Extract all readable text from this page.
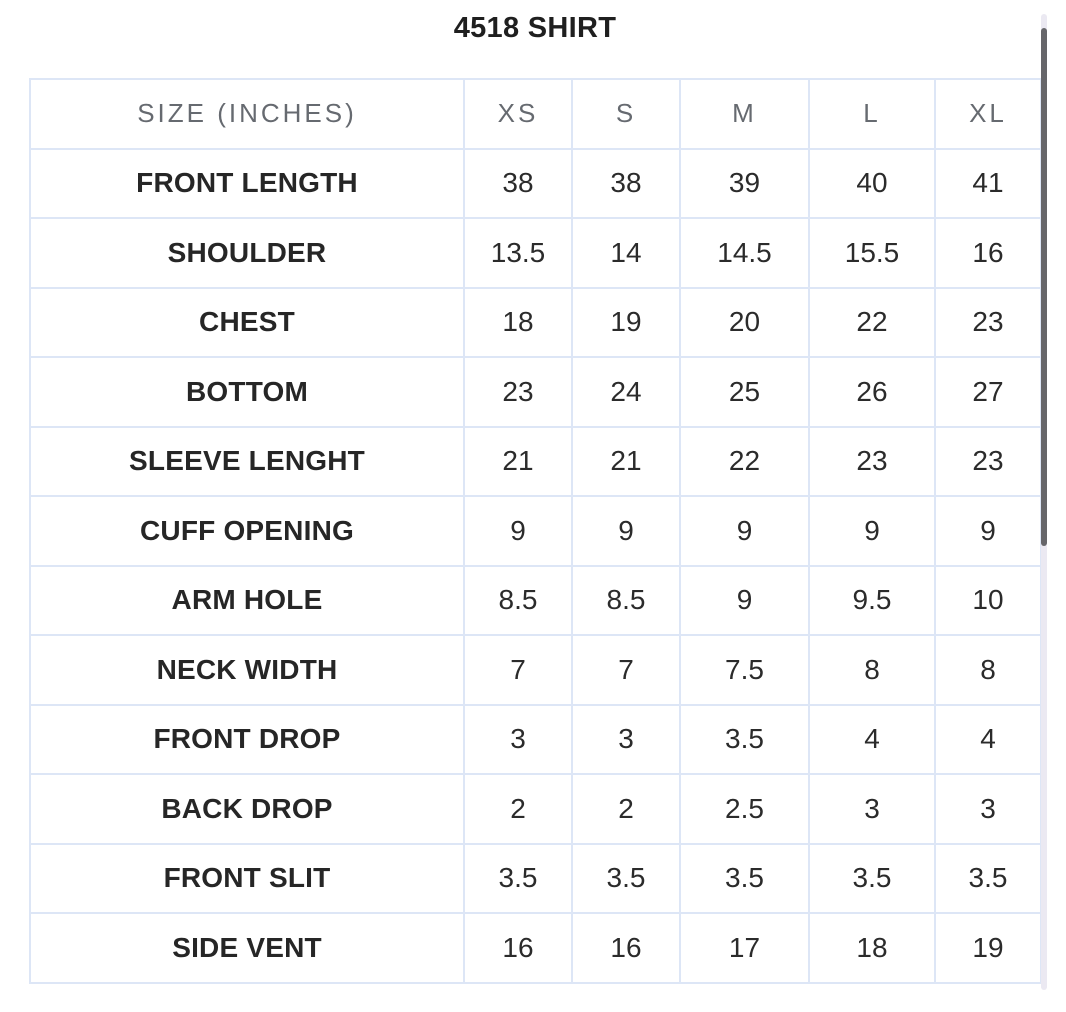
4518 SHIRT
SIZE (INCHES)	XS	S	M	L	XL
FRONT LENGTH	38	38	39	40	41
SHOULDER	13.5	14	14.5	15.5	16
CHEST	18	19	20	22	23
BOTTOM	23	24	25	26	27
SLEEVE LENGHT	21	21	22	23	23
CUFF OPENING	9	9	9	9	9
ARM HOLE	8.5	8.5	9	9.5	10
NECK WIDTH	7	7	7.5	8	8
FRONT DROP	3	3	3.5	4	4
BACK DROP	2	2	2.5	3	3
FRONT SLIT	3.5	3.5	3.5	3.5	3.5
SIDE VENT	16	16	17	18	19
